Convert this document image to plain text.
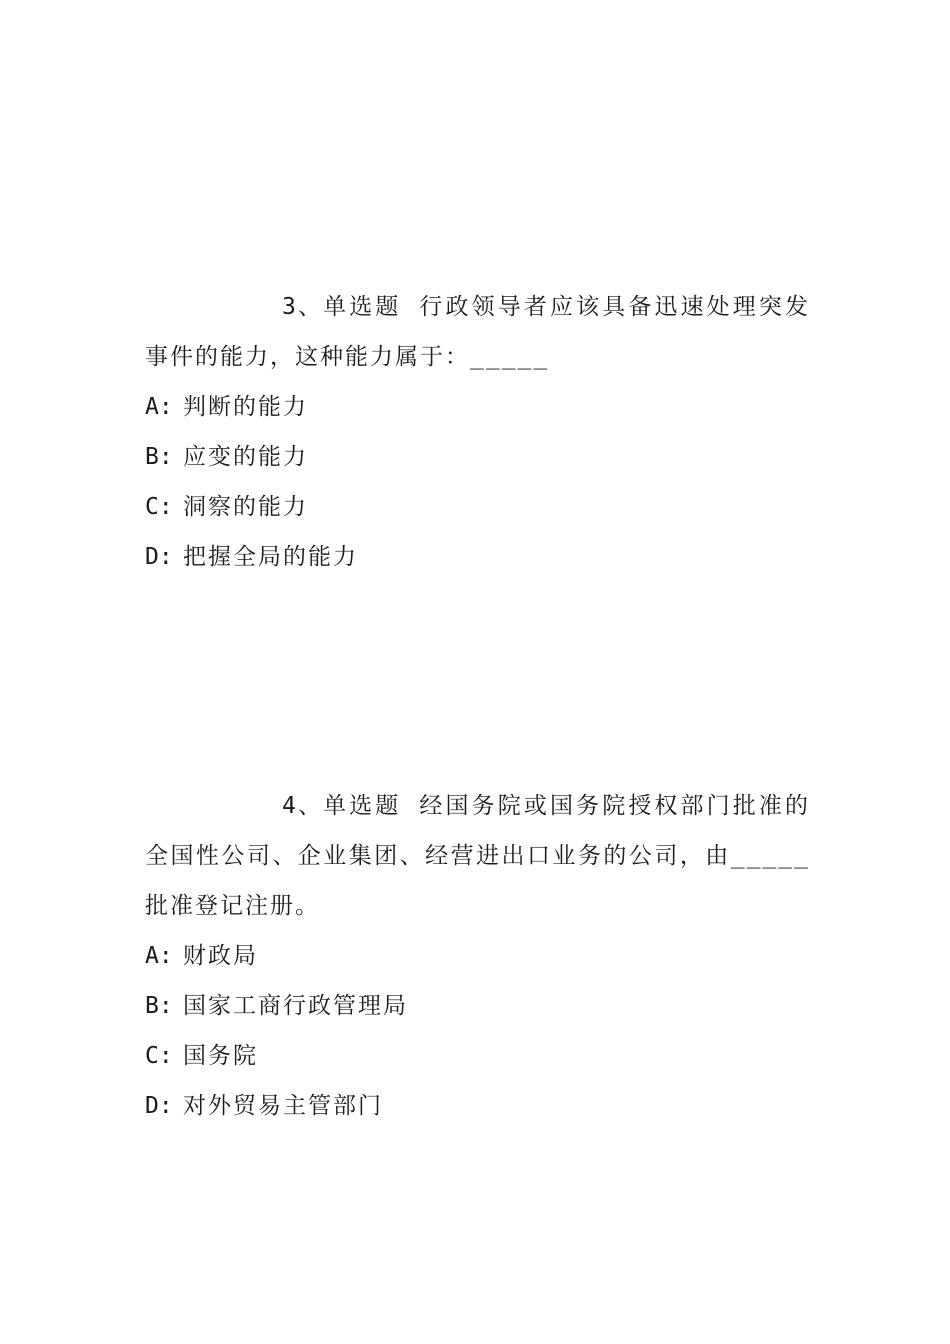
3、单选题 行政领导者应该具备迅速处理突发事件的能力，这种能力属于：_____

A: 判断的能力
B: 应变的能力
C: 洞察的能力
D: 把握全局的能力

4、单选题 经国务院或国务院授权部门批准的全国性公司、企业集团、经营进出口业务的公司，由_____批准登记注册。

A: 财政局
B: 国家工商行政管理局
C: 国务院
D: 对外贸易主管部门
